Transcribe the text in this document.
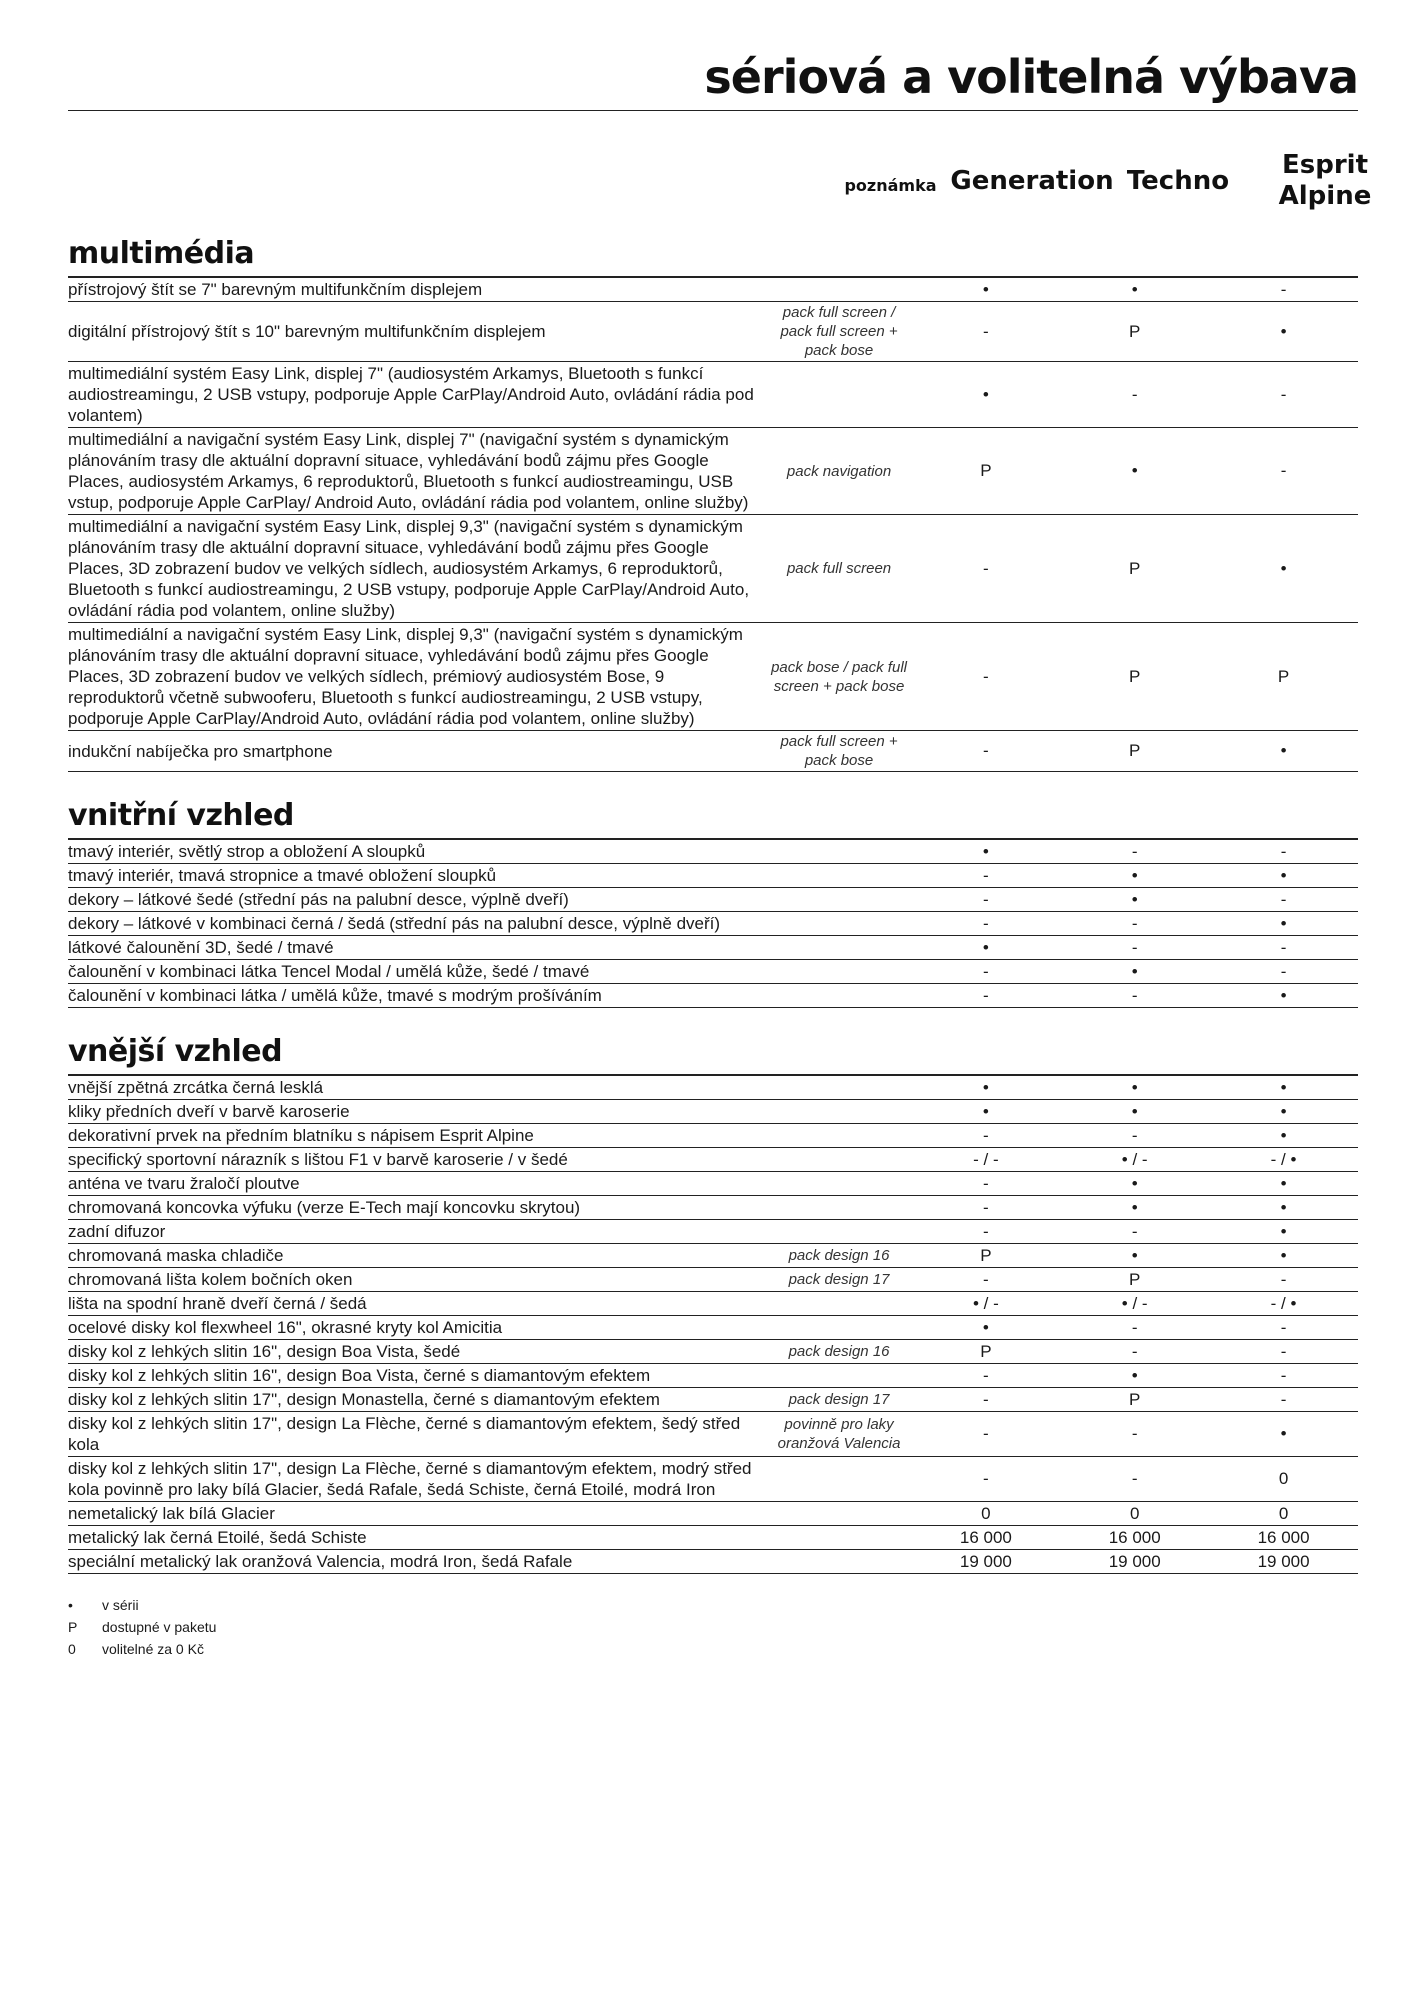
sériová a volitelná výbava
poznámka Generation Techno
Esprit
Alpine
multimédia
přístrojový štít se 7" barevným multifunkčním displejem		•	•	-
digitální přístrojový štít s 10" barevným multifunkčním displejem	pack full screen / pack full screen + pack bose	-	P	•
multimediální systém Easy Link, displej 7" (audiosystém Arkamys, Bluetooth s funkcí audiostreamingu, 2 USB vstupy, podporuje Apple CarPlay/Android Auto, ovládání rádia pod volantem)		•	-	-
multimediální a navigační systém Easy Link, displej 7" (navigační systém s dynamickým plánováním trasy dle aktuální dopravní situace, vyhledávání bodů zájmu přes Google Places, audiosystém Arkamys, 6 reproduktorů, Bluetooth s funkcí audiostreamingu, USB vstup, podporuje Apple CarPlay/ Android Auto, ovládání rádia pod volantem, online služby)	pack navigation	P	•	-
multimediální a navigační systém Easy Link, displej 9,3" (navigační systém s dynamickým plánováním trasy dle aktuální dopravní situace, vyhledávání bodů zájmu přes Google Places, 3D zobrazení budov ve velkých sídlech, audiosystém Arkamys, 6 reproduktorů, Bluetooth s funkcí audiostreamingu, 2 USB vstupy, podporuje Apple CarPlay/Android Auto, ovládání rádia pod volantem, online služby)	pack full screen	-	P	•
multimediální a navigační systém Easy Link, displej 9,3" (navigační systém s dynamickým plánováním trasy dle aktuální dopravní situace, vyhledávání bodů zájmu přes Google Places, 3D zobrazení budov ve velkých sídlech, prémiový audiosystém Bose, 9 reproduktorů včetně subwooferu, Bluetooth s funkcí audiostreamingu, 2 USB vstupy, podporuje Apple CarPlay/Android Auto, ovládání rádia pod volantem, online služby)	pack bose / pack full screen + pack bose	-	P	P
indukční nabíječka pro smartphone	pack full screen + pack bose	-	P	•
vnitřní vzhled
tmavý interiér, světlý strop a obložení A sloupků		•	-	-
tmavý interiér, tmavá stropnice a tmavé obložení sloupků		-	•	•
dekory – látkové šedé (střední pás na palubní desce, výplně dveří)		-	•	-
dekory – látkové v kombinaci černá / šedá (střední pás na palubní desce, výplně dveří)		-	-	•
látkové čalounění 3D, šedé / tmavé		•	-	-
čalounění v kombinaci látka Tencel Modal / umělá kůže, šedé / tmavé		-	•	-
čalounění v kombinaci látka / umělá kůže, tmavé s modrým prošíváním		-	-	•
vnější vzhled
vnější zpětná zrcátka černá lesklá		•	•	•
kliky předních dveří v barvě karoserie		•	•	•
dekorativní prvek na předním blatníku s nápisem Esprit Alpine		-	-	•
specifický sportovní nárazník s lištou F1 v barvě karoserie / v šedé		- / -	• / -	- / •
anténa ve tvaru žraločí ploutve		-	•	•
chromovaná koncovka výfuku (verze E-Tech mají koncovku skrytou)		-	•	•
zadní difuzor		-	-	•
chromovaná maska chladiče	pack design 16	P	•	•
chromovaná lišta kolem bočních oken	pack design 17	-	P	-
lišta na spodní hraně dveří černá / šedá		• / -	• / -	- / •
ocelové disky kol flexwheel 16", okrasné kryty kol Amicitia		•	-	-
disky kol z lehkých slitin 16", design Boa Vista, šedé	pack design 16	P	-	-
disky kol z lehkých slitin 16", design Boa Vista, černé s diamantovým efektem		-	•	-
disky kol z lehkých slitin 17", design Monastella, černé s diamantovým efektem	pack design 17	-	P	-
disky kol z lehkých slitin 17", design La Flèche, černé s diamantovým efektem, šedý střed kola	povinně pro laky oranžová Valencia	-	-	•
disky kol z lehkých slitin 17", design La Flèche, černé s diamantovým efektem, modrý střed kola povinně pro laky bílá Glacier, šedá Rafale, šedá Schiste, černá Etoilé, modrá Iron		-	-	0
nemetalický lak bílá Glacier		0	0	0
metalický lak černá Etoilé, šedá Schiste		16 000	16 000	16 000
speciální metalický lak oranžová Valencia, modrá Iron, šedá Rafale		19 000	19 000	19 000
•	v sérii
P	dostupné v paketu
0	volitelné za 0 Kč
